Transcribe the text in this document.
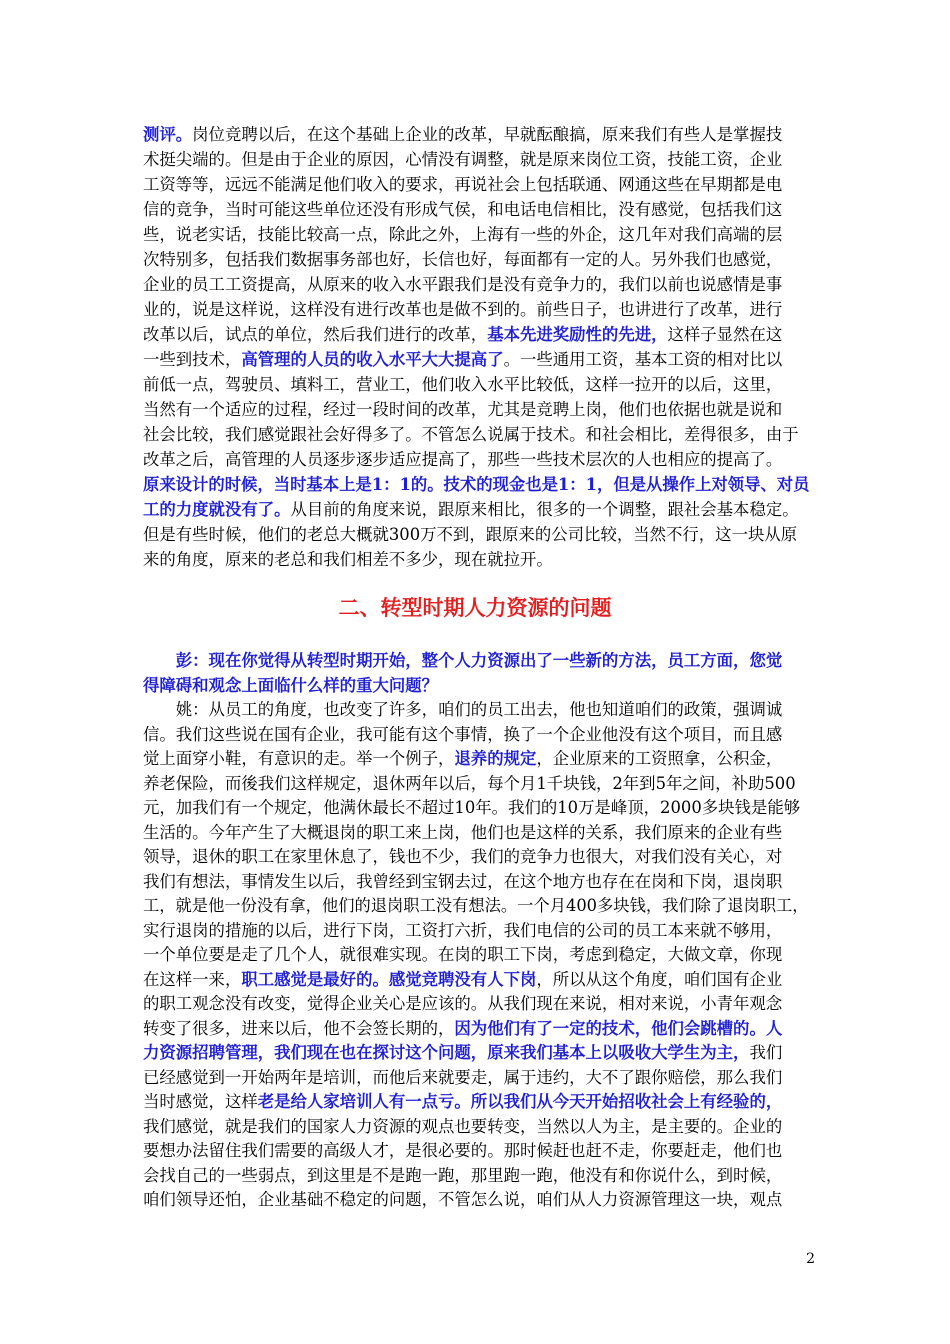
测评。岗位竞聘以后，在这个基础上企业的改革，早就酝酿搞，原来我们有些人是掌握技
术挺尖端的。但是由于企业的原因，心情没有调整，就是原来岗位工资，技能工资，企业
工资等等，远远不能满足他们收入的要求，再说社会上包括联通、网通这些在早期都是电
信的竞争，当时可能这些单位还没有形成气侯，和电话电信相比，没有感觉，包括我们这
些，说老实话，技能比较高一点，除此之外，上海有一些的外企，这几年对我们高端的层
次特别多，包括我们数据事务部也好，长信也好，每面都有一定的人。另外我们也感觉，
企业的员工工资提高，从原来的收入水平跟我们是没有竞争力的，我们以前也说感情是事
业的，说是这样说，这样没有进行改革也是做不到的。前些日子，也讲进行了改革，进行
改革以后，试点的单位，然后我们进行的改革，基本先进奖励性的先进，这样子显然在这
一些到技术，高管理的人员的收入水平大大提高了。一些通用工资，基本工资的相对比以
前低一点，驾驶员、填料工，营业工，他们收入水平比较低，这样一拉开的以后，这里，
当然有一个适应的过程，经过一段时间的改革，尤其是竞聘上岗，他们也依据也就是说和
社会比较，我们感觉跟社会好得多了。不管怎么说属于技术。和社会相比，差得很多，由于
改革之后，高管理的人员逐步逐步适应提高了，那些一些技术层次的人也相应的提高了。
原来设计的时候，当时基本上是1：1的。技术的现金也是1：1，但是从操作上对领导、对员
工的力度就没有了。从目前的角度来说，跟原来相比，很多的一个调整，跟社会基本稳定。
但是有些时候，他们的老总大概就300万不到，跟原来的公司比较，当然不行，这一块从原
来的角度，原来的老总和我们相差不多少，现在就拉开。
　　彭：现在你觉得从转型时期开始，整个人力资源出了一些新的方法，员工方面，您觉
得障碍和观念上面临什么样的重大问题？
　　姚：从员工的角度，也改变了许多，咱们的员工出去，他也知道咱们的政策，强调诚
信。我们这些说在国有企业，我可能有这个事情，换了一个企业他没有这个项目，而且感
觉上面穿小鞋，有意识的走。举一个例子，退养的规定，企业原来的工资照拿，公积金，
养老保险，而後我们这样规定，退休两年以后，每个月1千块钱，2年到5年之间，补助500
元，加我们有一个规定，他满休最长不超过10年。我们的10万是峰顶，2000多块钱是能够
生活的。今年产生了大概退岗的职工来上岗，他们也是这样的关系，我们原来的企业有些
领导，退休的职工在家里休息了，钱也不少，我们的竞争力也很大，对我们没有关心，对
我们有想法，事情发生以后，我曾经到宝钢去过，在这个地方也存在在岗和下岗，退岗职
工，就是他一份没有拿，他们的退岗职工没有想法。一个月400多块钱，我们除了退岗职工，
实行退岗的措施的以后，进行下岗，工资打六折，我们电信的公司的员工本来就不够用，
一个单位要是走了几个人，就很难实现。在岗的职工下岗，考虑到稳定，大做文章，你现
在这样一来，职工感觉是最好的。感觉竞聘没有人下岗，所以从这个角度，咱们国有企业
的职工观念没有改变，觉得企业关心是应该的。从我们现在来说，相对来说，小青年观念
转变了很多，进来以后，他不会签长期的，因为他们有了一定的技术，他们会跳槽的。人
力资源招聘管理，我们现在也在探讨这个问题，原来我们基本上以吸收大学生为主，我们
已经感觉到一开始两年是培训，而他后来就要走，属于违约，大不了跟你赔偿，那么我们
当时感觉，这样老是给人家培训人有一点亏。所以我们从今天开始招收社会上有经验的，
我们感觉，就是我们的国家人力资源的观点也要转变，当然以人为主，是主要的。企业的
要想办法留住我们需要的高级人才，是很必要的。那时候赶也赶不走，你要赶走，他们也
会找自己的一些弱点，到这里是不是跑一跑，那里跑一跑，他没有和你说什么，到时候，
咱们领导还怕，企业基础不稳定的问题，不管怎么说，咱们从人力资源管理这一块，观点
二、转型时期人力资源的问题
2
